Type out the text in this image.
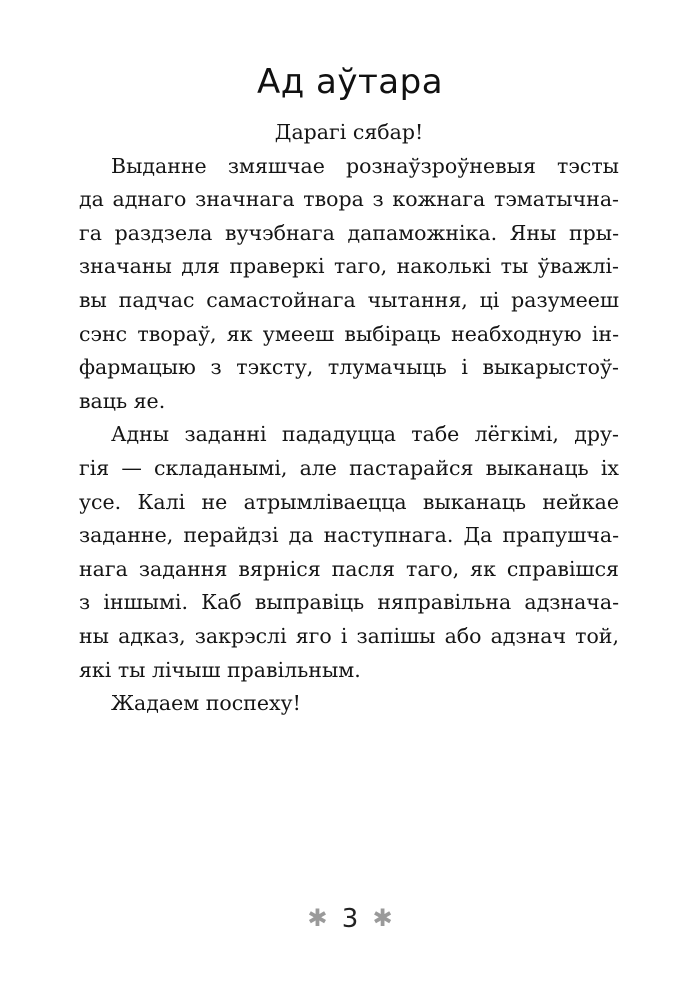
Ад аўтара
Дарагі сябар!
Выданне змяшчае рознаўзроўневыя тэсты
да аднаго значнага твора з кожнага тэматычна-
га раздзела вучэбнага дапаможніка. Яны пры-
значаны для праверкі таго, наколькі ты ўважлі-
вы падчас самастойнага чытання, ці разумееш
сэнс твораў, як умееш выбіраць неабходную ін-
фармацыю з тэксту, тлумачыць і выкарыстоў-
ваць яе.
Адны заданні пададуцца табе лёгкімі, дру-
гія — складанымі, але пастарайся выканаць іх
усе. Калі не атрымліваецца выканаць нейкае
заданне, перайдзі да наступнага. Да прапушча-
нага задання вярніся пасля таго, як справішся
з іншымі. Каб выправіць няправільна адзнача-
ны адказ, закрэслі яго і запішы або адзнач той,
які ты лічыш правільным.
Жадаем поспеху!
✱ 3 ✱
